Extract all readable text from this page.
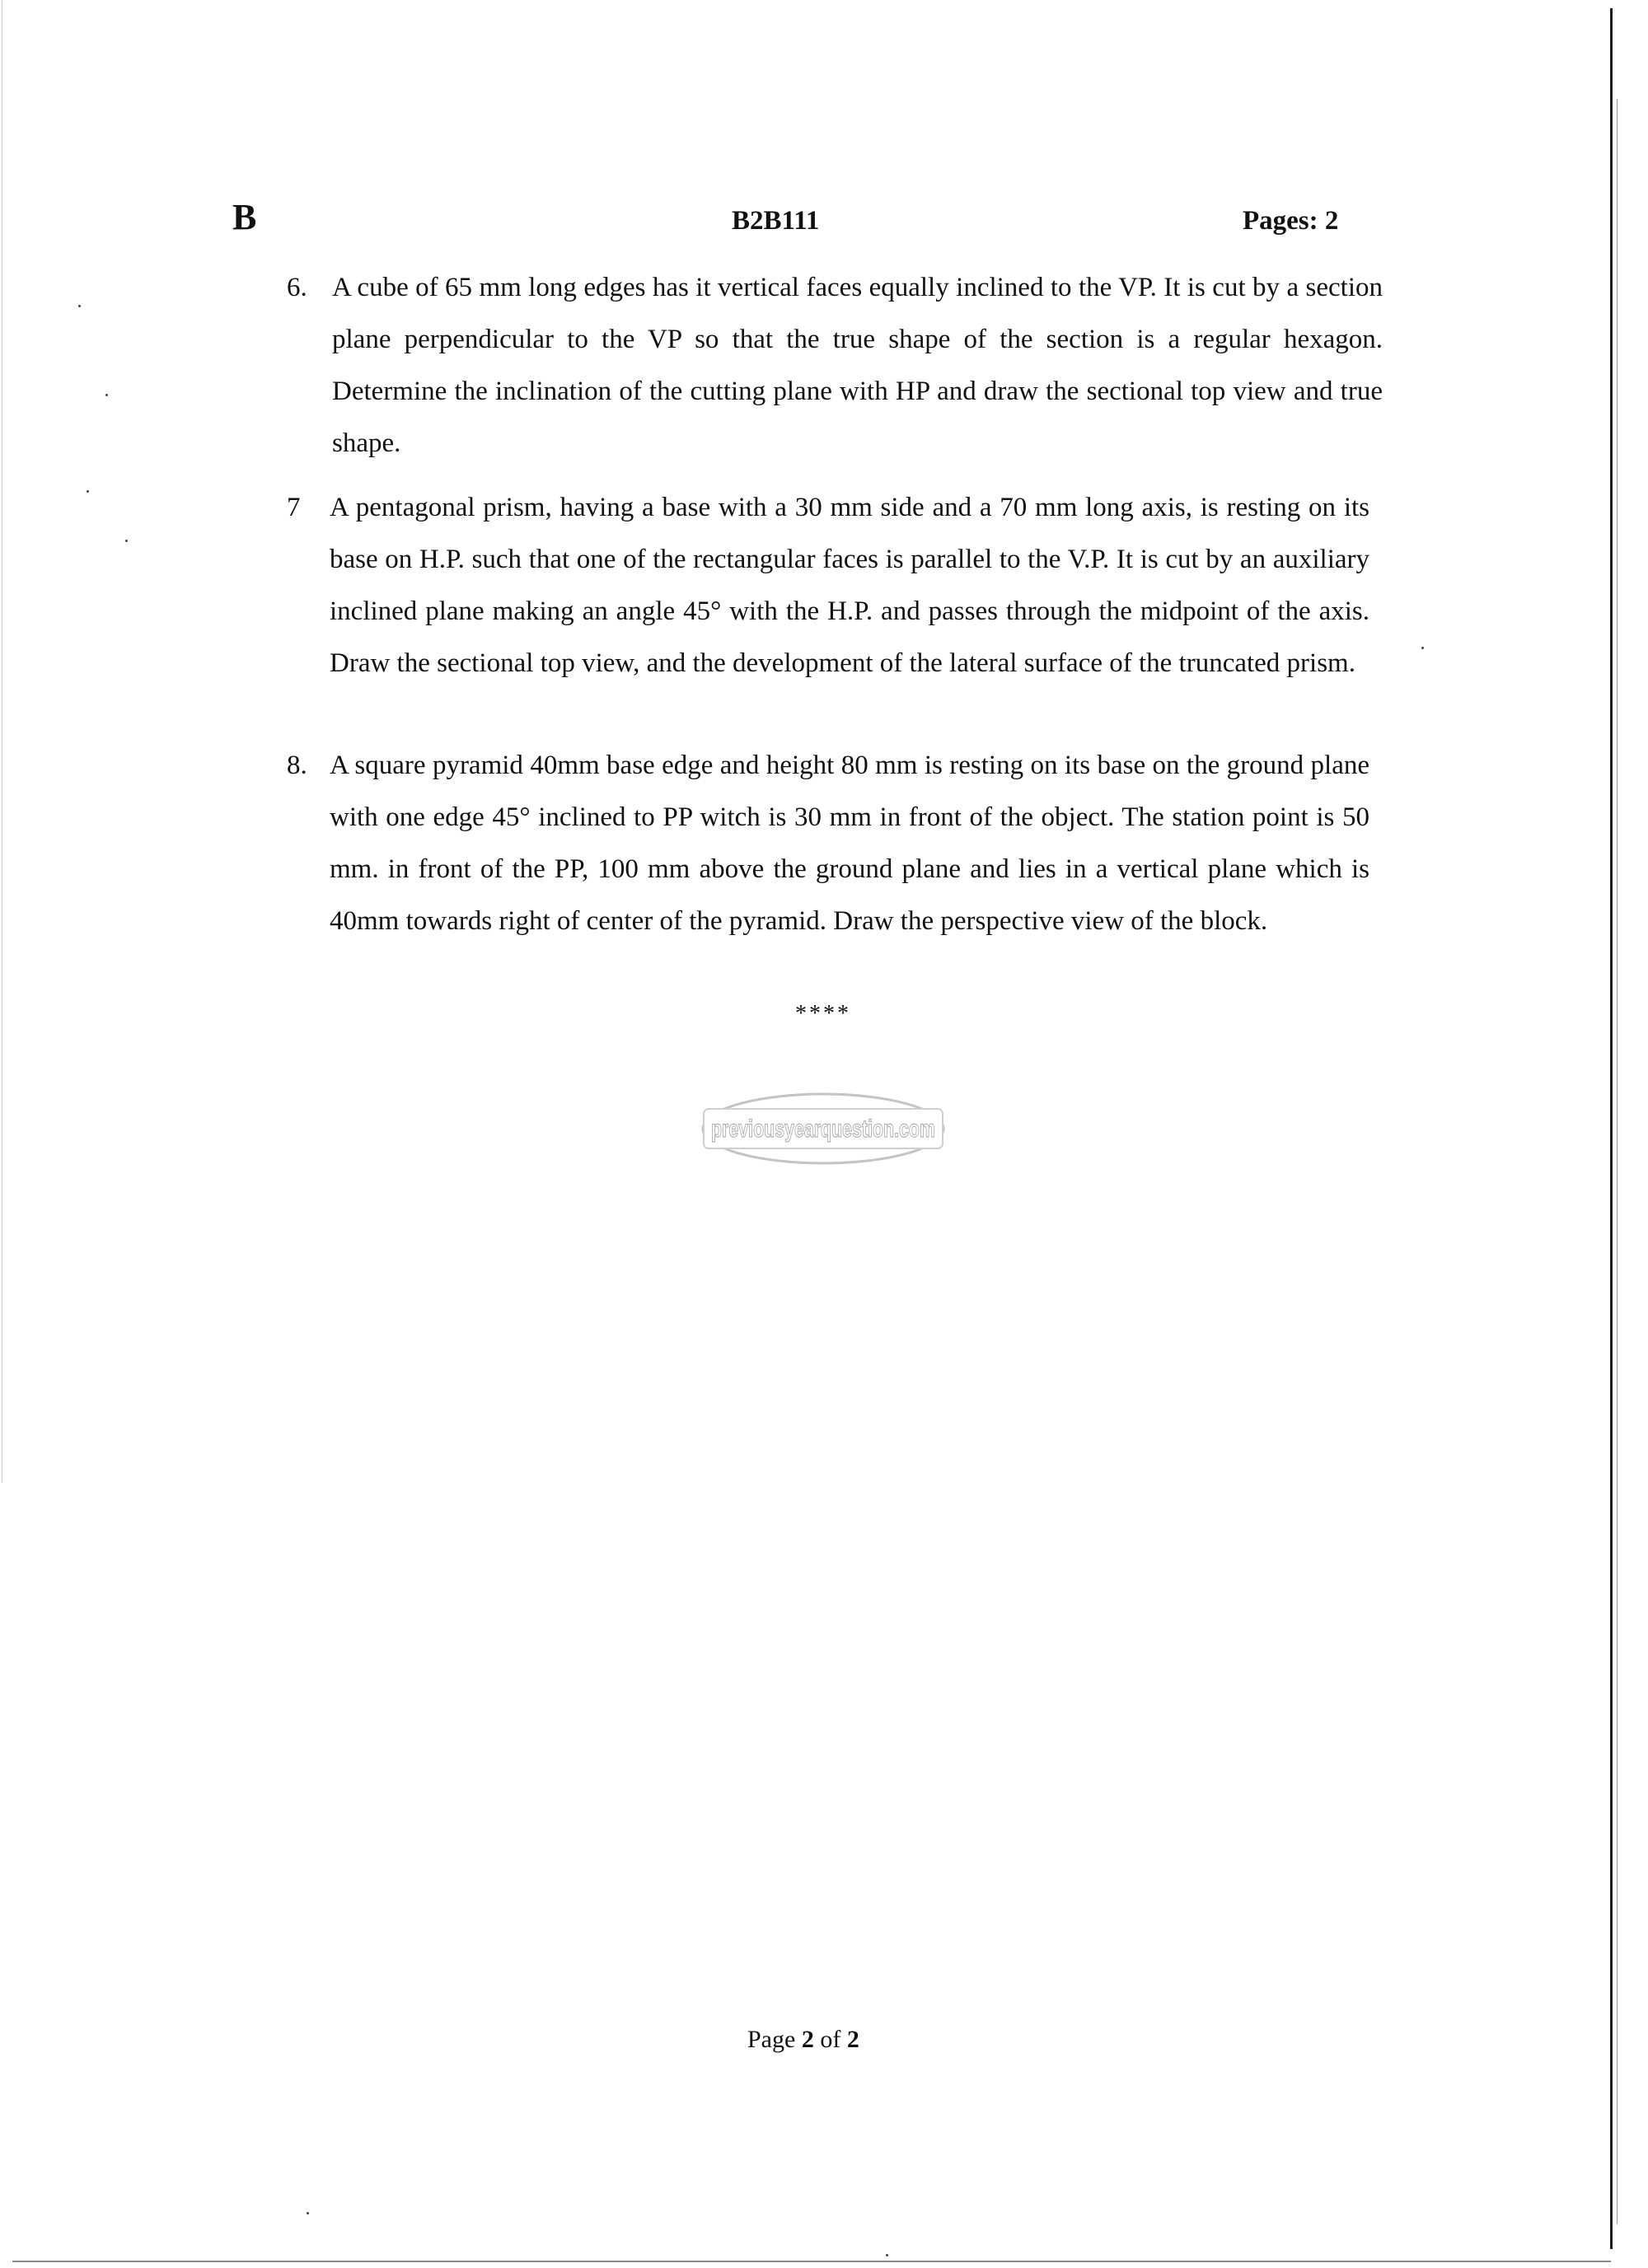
B	B2B111	Pages: 2
6. A cube of 65 mm long edges has it vertical faces equally inclined to the VP. It is cut by a section plane perpendicular to the VP so that the true shape of the section is a regular hexagon. Determine the inclination of the cutting plane with HP and draw the sectional top view and true shape.
7 A pentagonal prism, having a base with a 30 mm side and a 70 mm long axis, is resting on its base on H.P. such that one of the rectangular faces is parallel to the V.P. It is cut by an auxiliary inclined plane making an angle 45° with the H.P. and passes through the midpoint of the axis. Draw the sectional top view, and the development of the lateral surface of the truncated prism.
8. A square pyramid 40mm base edge and height 80 mm is resting on its base on the ground plane with one edge 45° inclined to PP witch is 30 mm in front of the object. The station point is 50 mm. in front of the PP, 100 mm above the ground plane and lies in a vertical plane which is 40mm towards right of center of the pyramid. Draw the perspective view of the block.
****
previousyearquestion.com
Page 2 of 2
